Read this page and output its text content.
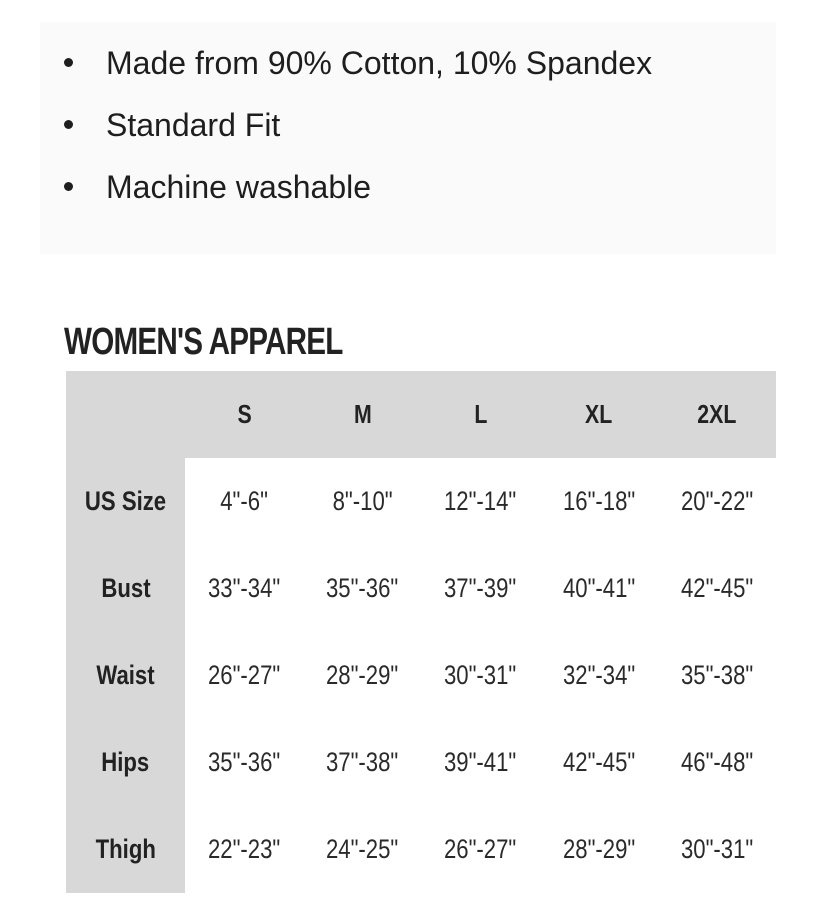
Made from 90% Cotton, 10% Spandex
Standard Fit
Machine washable
WOMEN'S APPAREL
	S	M	L	XL	2XL
US Size	4"-6"	8"-10"	12"-14"	16"-18"	20"-22"
Bust	33"-34"	35"-36"	37"-39"	40"-41"	42"-45"
Waist	26"-27"	28"-29"	30"-31"	32"-34"	35"-38"
Hips	35"-36"	37"-38"	39"-41"	42"-45"	46"-48"
Thigh	22"-23"	24"-25"	26"-27"	28"-29"	30"-31"
